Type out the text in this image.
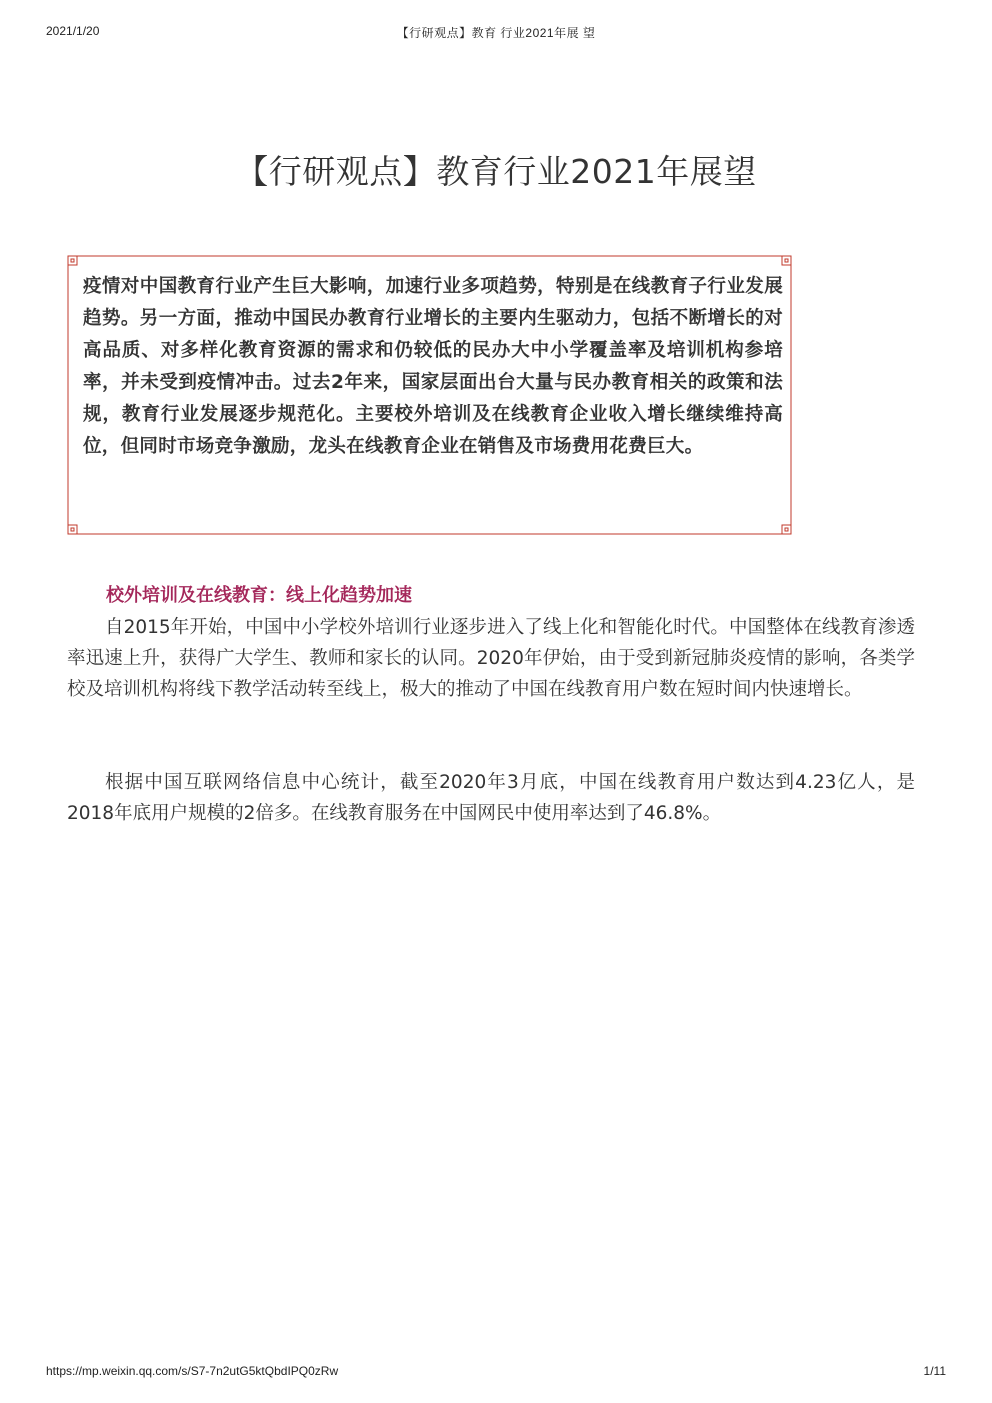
2021/1/20	【行研观点】教育 行业2021年展 望
【行研观点】教育行业2021年展望

疫情对中国教育行业产生巨大影响，加速行业多项趋势，特别是在线教育子行业发展趋势。另一方面，推动中国民办教育行业增长的主要内生驱动力，包括不断增长的对高品质、对多样化教育资源的需求和仍较低的民办大中小学覆盖率及培训机构参培率，并未受到疫情冲击。过去2年来，国家层面出台大量与民办教育相关的政策和法规，教育行业发展逐步规范化。主要校外培训及在线教育企业收入增长继续维持高位，但同时市场竞争激励，龙头在线教育企业在销售及市场费用花费巨大。

校外培训及在线教育：线上化趋势加速

自2015年开始，中国中小学校外培训行业逐步进入了线上化和智能化时代。中国整体在线教育渗透率迅速上升，获得广大学生、教师和家长的认同。2020年伊始，由于受到新冠肺炎疫情的影响，各类学校及培训机构将线下教学活动转至线上，极大的推动了中国在线教育用户数在短时间内快速增长。

根据中国互联网络信息中心统计，截至2020年3月底，中国在线教育用户数达到4.23亿人，是2018年底用户规模的2倍多。在线教育服务在中国网民中使用率达到了46.8%。

https://mp.weixin.qq.com/s/S7-7n2utG5ktQbdIPQ0zRw	1/11
